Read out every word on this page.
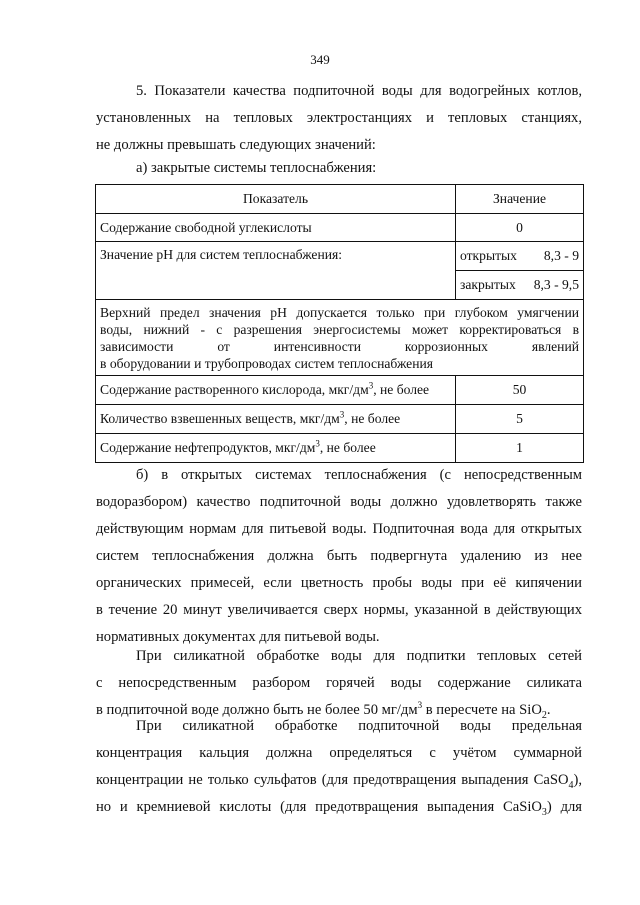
349
5. Показатели качества подпиточной воды для водогрейных котлов,
установленных на тепловых электростанциях и тепловых станциях,
не должны превышать следующих значений:
а) закрытые системы теплоснабжения:
Показатель	Значение
Содержание свободной углекислоты	0
Значение pH для систем теплоснабжения:	открытых 8,3 - 9

	закрытых 8,3 - 9,5

Верхний предел значения pH допускается только при глубоком умягчении
воды, нижний - с разрешения энергосистемы может корректироваться в
зависимости от интенсивности коррозионных явлений
в оборудовании и трубопроводах систем теплоснабжения	

Содержание растворенного кислорода, мкг/$дм^3$, не более	50
Количество взвешенных веществ, мкг/$дм^3$, не более	5
Содержание нефтепродуктов, мкг/$дм^3$, не более	1
б) в открытых системах теплоснабжения (с непосредственным
водоразбором) качество подпиточной воды должно удовлетворять также
действующим нормам для питьевой воды. Подпиточная вода для открытых
систем теплоснабжения должна быть подвергнута удалению из нее
органических примесей, если цветность пробы воды при её кипячении
в течение 20 минут увеличивается сверх нормы, указанной в действующих
нормативных документах для питьевой воды.
При силикатной обработке воды для подпитки тепловых сетей
с непосредственным разбором горячей воды содержание силиката
в подпиточной воде должно быть не более 50 $мг/дм^3$ в пересчете на SiO$_2$.
При силикатной обработке подпиточной воды предельная
концентрация кальция должна определяться с учётом суммарной
концентрации не только сульфатов (для предотвращения выпадения CaSO$_4$),
но и кремниевой кислоты (для предотвращения выпадения CaSiO$_3$) для
